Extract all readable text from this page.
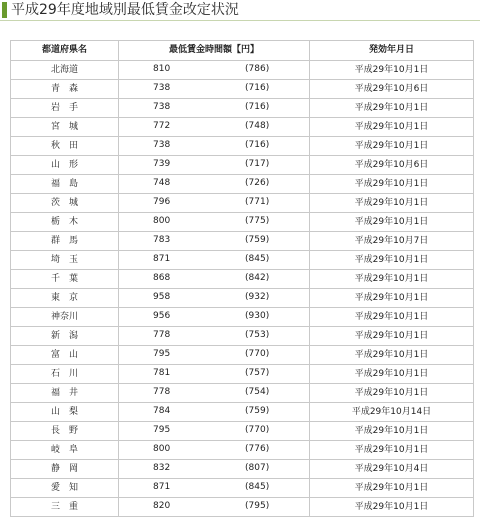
平成29年度地域別最低賃金改定状況
都道府県名	最低賃金時間額【円】	発効年月日
北海道	810 (786)	平成29年10月1日
青　森	738 (716)	平成29年10月6日
岩　手	738 (716)	平成29年10月1日
宮　城	772 (748)	平成29年10月1日
秋　田	738 (716)	平成29年10月1日
山　形	739 (717)	平成29年10月6日
福　島	748 (726)	平成29年10月1日
茨　城	796 (771)	平成29年10月1日
栃　木	800 (775)	平成29年10月1日
群　馬	783 (759)	平成29年10月7日
埼　玉	871 (845)	平成29年10月1日
千　葉	868 (842)	平成29年10月1日
東　京	958 (932)	平成29年10月1日
神奈川	956 (930)	平成29年10月1日
新　潟	778 (753)	平成29年10月1日
富　山	795 (770)	平成29年10月1日
石　川	781 (757)	平成29年10月1日
福　井	778 (754)	平成29年10月1日
山　梨	784 (759)	平成29年10月14日
長　野	795 (770)	平成29年10月1日
岐　阜	800 (776)	平成29年10月1日
静　岡	832 (807)	平成29年10月4日
愛　知	871 (845)	平成29年10月1日
三　重	820 (795)	平成29年10月1日
